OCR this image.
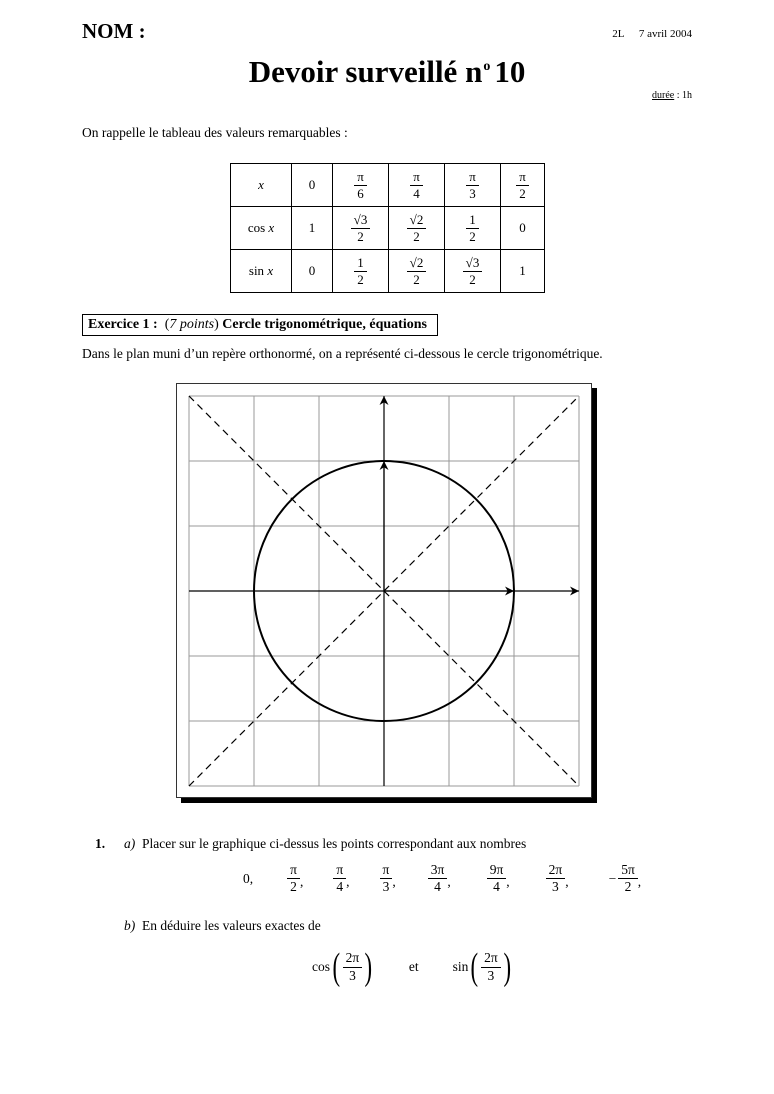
NOM :	2L 7 avril 2004
Devoir surveillé $n^o$ 10
durée : 1h
On rappelle le tableau des valeurs remarquables :
x	0	$\frac{\pi}{6}$	$\frac{\pi}{4}$	$\frac{\pi}{3}$	$\frac{\pi}{2}$

cos x	1	$\frac{√3}{2}$	$\frac{√2}{2}$	$\frac{1}{2}$	0
sin x	0	$\frac{1}{2}$	$\frac{√2}{2}$	$\frac{√3}{2}$	1
Exercice 1 :  (7 points) Cercle trigonométrique, équations
Dans le plan muni d’un repère orthonormé, on a représenté ci-dessous le cercle trigonométrique.
1. a) Placer sur le graphique ci-dessus les points correspondant aux nombres
0,	$\frac{\pi}{2}$ , $\frac{\pi}{4}$ , $\frac{\pi}{3}$ , $\frac{3\pi}{4}$ ,	$\frac{9\pi}{4}$ ,	$\frac{2\pi}{3}$ ,	− $\frac{5\pi}{2}$ ,
b) En déduire les valeurs exactes de
cos ( $\frac{2\pi}{3}$ )	et	sin ( $\frac{2\pi}{3}$ )
